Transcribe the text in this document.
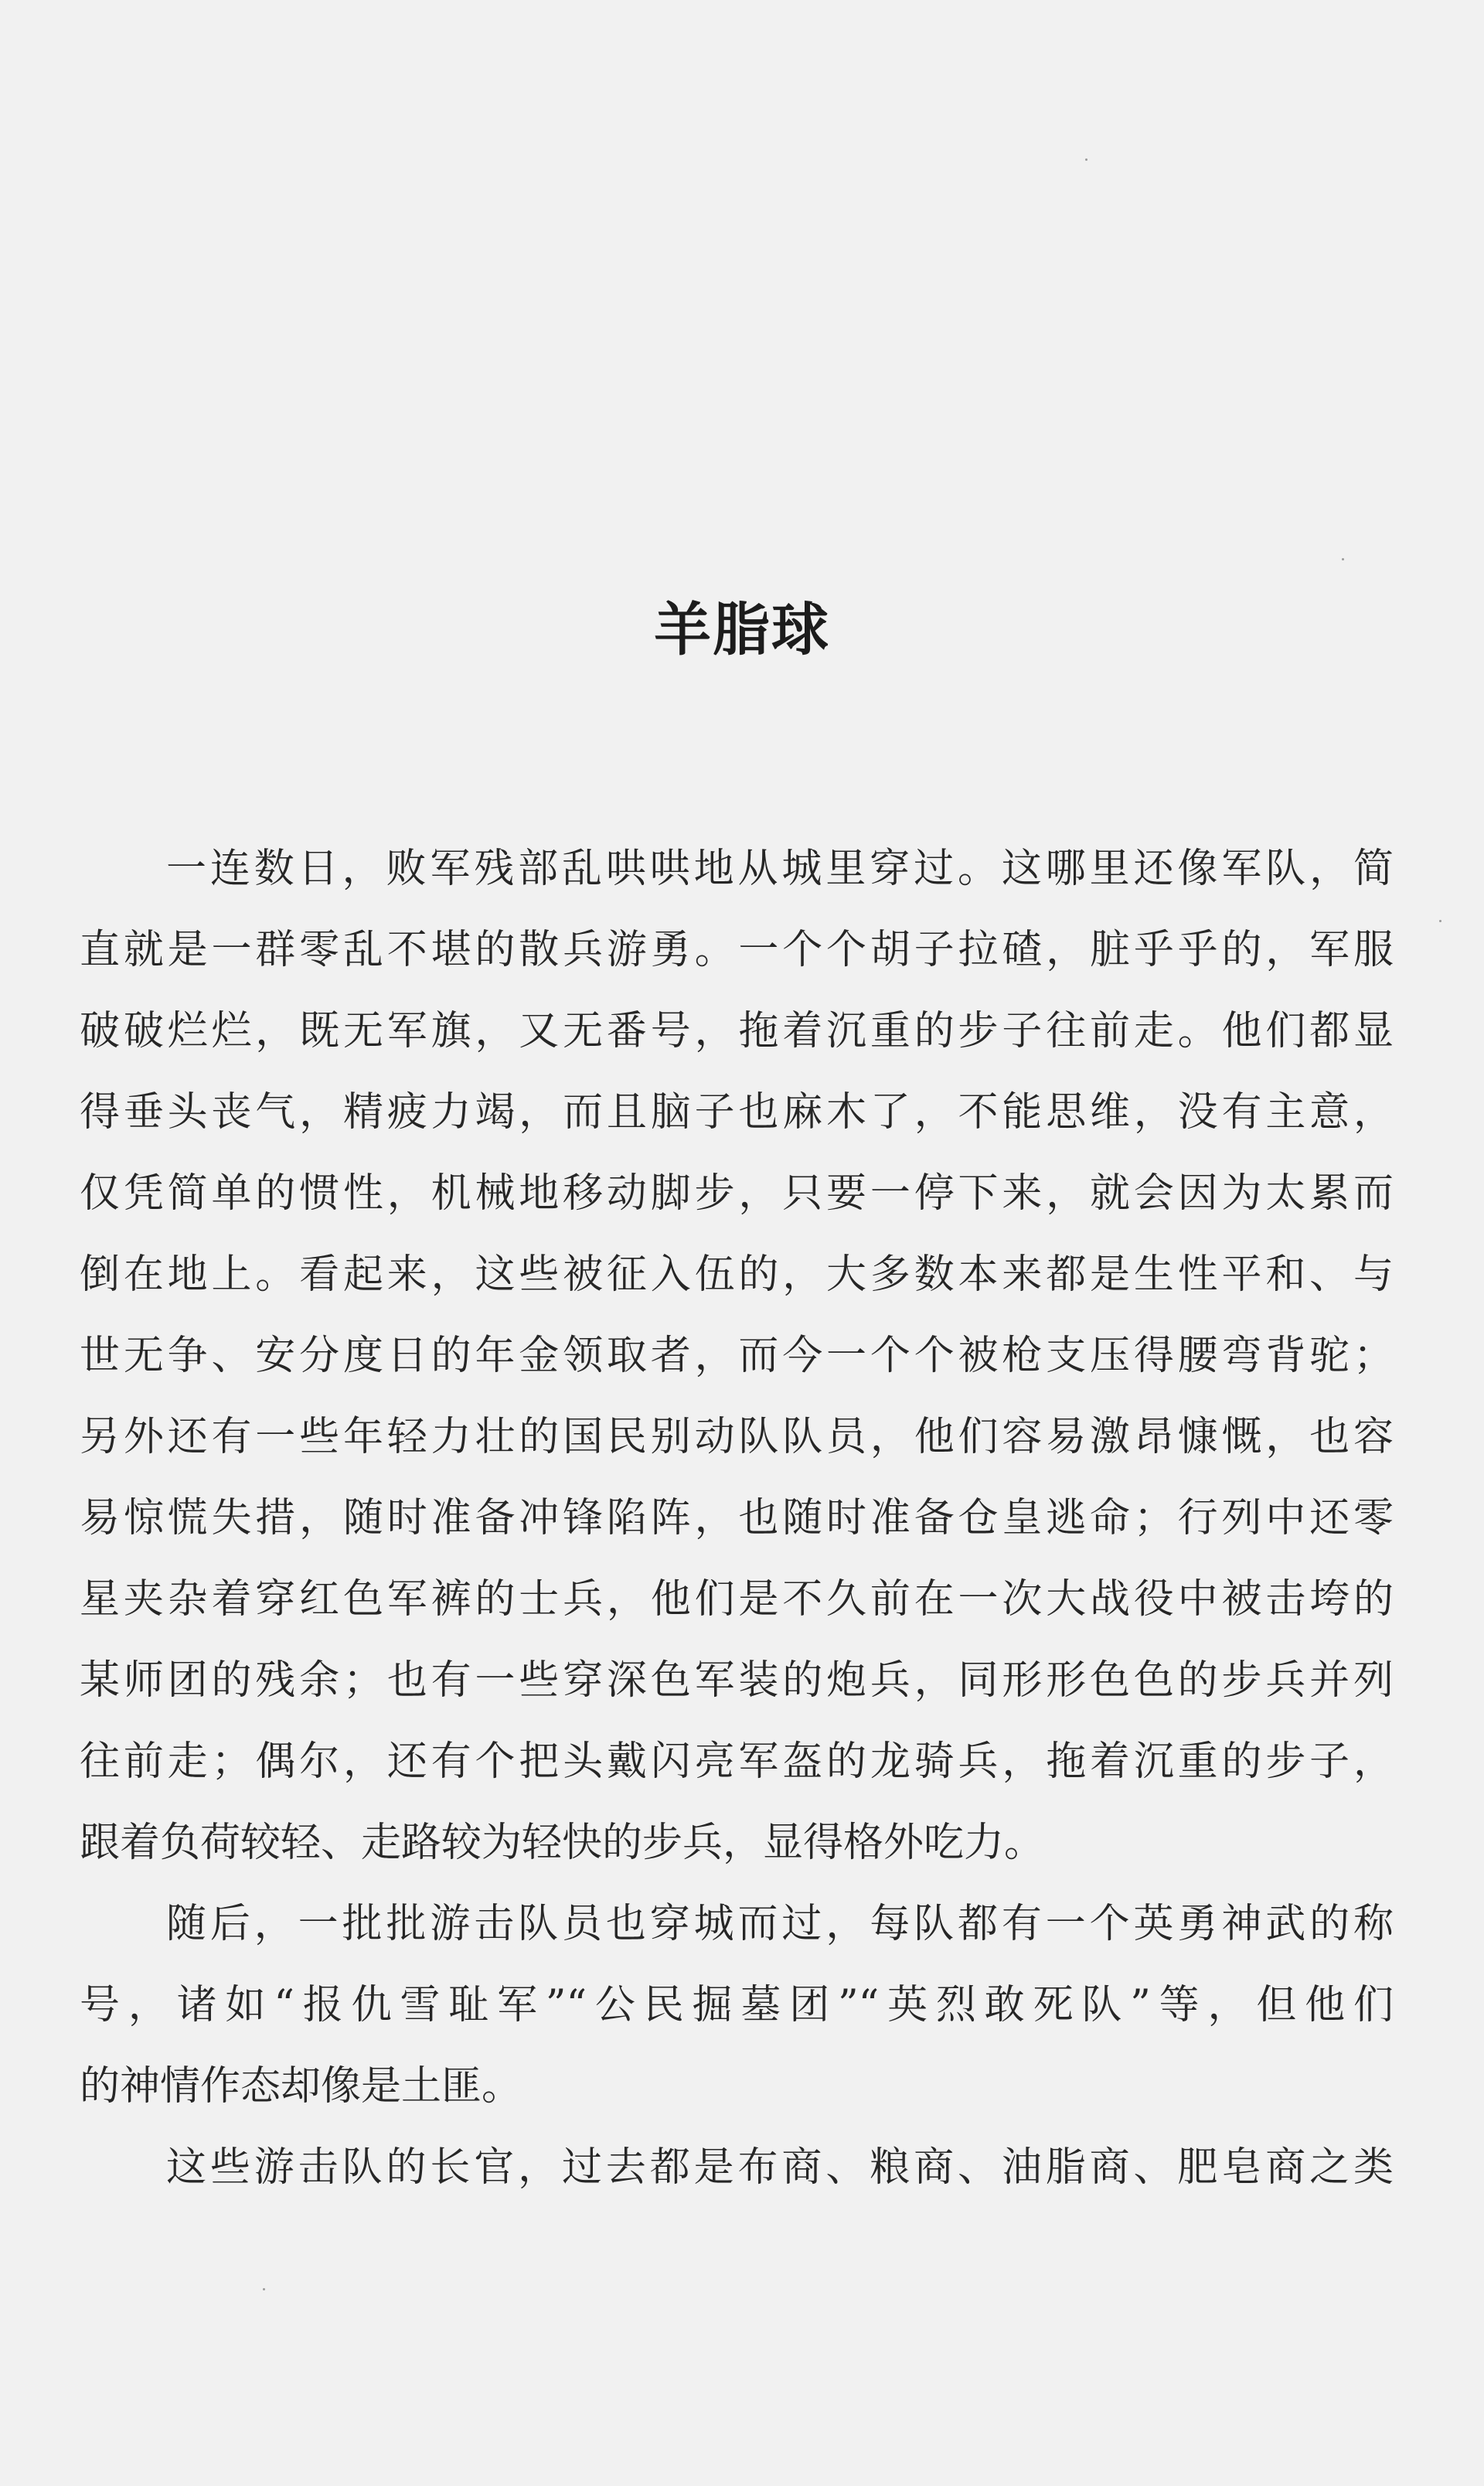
羊脂球
一连数日，败军残部乱哄哄地从城里穿过。这哪里还像军队，简
直就是一群零乱不堪的散兵游勇。一个个胡子拉碴，脏乎乎的，军服
破破烂烂，既无军旗，又无番号，拖着沉重的步子往前走。他们都显
得垂头丧气，精疲力竭，而且脑子也麻木了，不能思维，没有主意，
仅凭简单的惯性，机械地移动脚步，只要一停下来，就会因为太累而
倒在地上。看起来，这些被征入伍的，大多数本来都是生性平和、与
世无争、安分度日的年金领取者，而今一个个被枪支压得腰弯背驼；
另外还有一些年轻力壮的国民别动队队员，他们容易激昂慷慨，也容
易惊慌失措，随时准备冲锋陷阵，也随时准备仓皇逃命；行列中还零
星夹杂着穿红色军裤的士兵，他们是不久前在一次大战役中被击垮的
某师团的残余；也有一些穿深色军装的炮兵，同形形色色的步兵并列
往前走；偶尔，还有个把头戴闪亮军盔的龙骑兵，拖着沉重的步子，
跟着负荷较轻、走路较为轻快的步兵，显得格外吃力。
随后，一批批游击队员也穿城而过，每队都有一个英勇神武的称
号，诸如“报仇雪耻军”“公民掘墓团”“英烈敢死队”等，但他们
的神情作态却像是土匪。
这些游击队的长官，过去都是布商、粮商、油脂商、肥皂商之类
